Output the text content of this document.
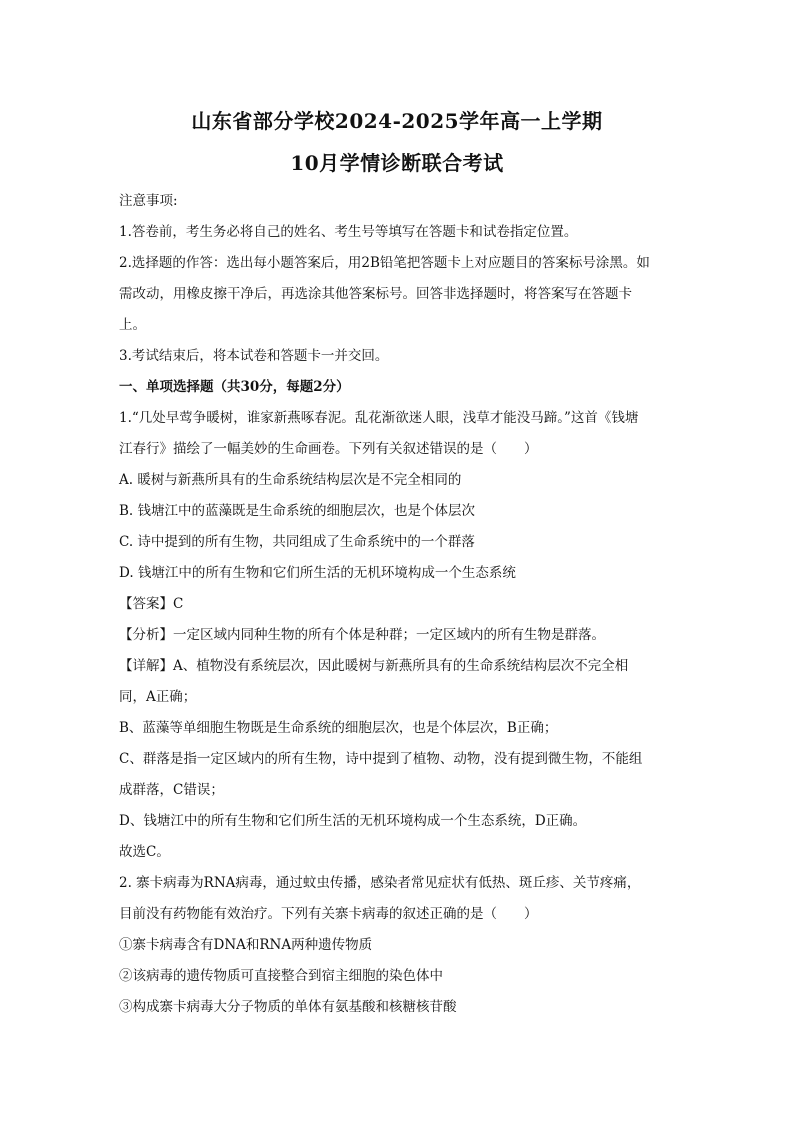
山东省部分学校2024-2025学年高一上学期
10月学情诊断联合考试
注意事项:
1.答卷前，考生务必将自己的姓名、考生号等填写在答题卡和试卷指定位置。
2.选择题的作答：选出每小题答案后，用2B铅笔把答题卡上对应题目的答案标号涂黑。如
需改动，用橡皮擦干净后，再选涂其他答案标号。回答非选择题时，将答案写在答题卡
上。
3.考试结束后，将本试卷和答题卡一并交回。
一、单项选择题（共30分，每题2分）
1.“几处早莺争暖树，谁家新燕啄春泥。乱花渐欲迷人眼，浅草才能没马蹄。”这首《钱塘
江春行》描绘了一幅美妙的生命画卷。下列有关叙述错误的是（　　）
A. 暖树与新燕所具有的生命系统结构层次是不完全相同的
B. 钱塘江中的蓝藻既是生命系统的细胞层次，也是个体层次
C. 诗中提到的所有生物，共同组成了生命系统中的一个群落
D. 钱塘江中的所有生物和它们所生活的无机环境构成一个生态系统
【答案】C
【分析】一定区域内同种生物的所有个体是种群；一定区域内的所有生物是群落。
【详解】A、植物没有系统层次，因此暖树与新燕所具有的生命系统结构层次不完全相
同，A正确；
B、蓝藻等单细胞生物既是生命系统的细胞层次，也是个体层次，B正确；
C、群落是指一定区域内的所有生物，诗中提到了植物、动物，没有提到微生物，不能组
成群落，C错误；
D、钱塘江中的所有生物和它们所生活的无机环境构成一个生态系统，D正确。
故选C。
2. 寨卡病毒为RNA病毒，通过蚊虫传播，感染者常见症状有低热、斑丘疹、关节疼痛，
目前没有药物能有效治疗。下列有关寨卡病毒的叙述正确的是（　　）
①寨卡病毒含有DNA和RNA两种遗传物质
②该病毒的遗传物质可直接整合到宿主细胞的染色体中
③构成寨卡病毒大分子物质的单体有氨基酸和核糖核苷酸
